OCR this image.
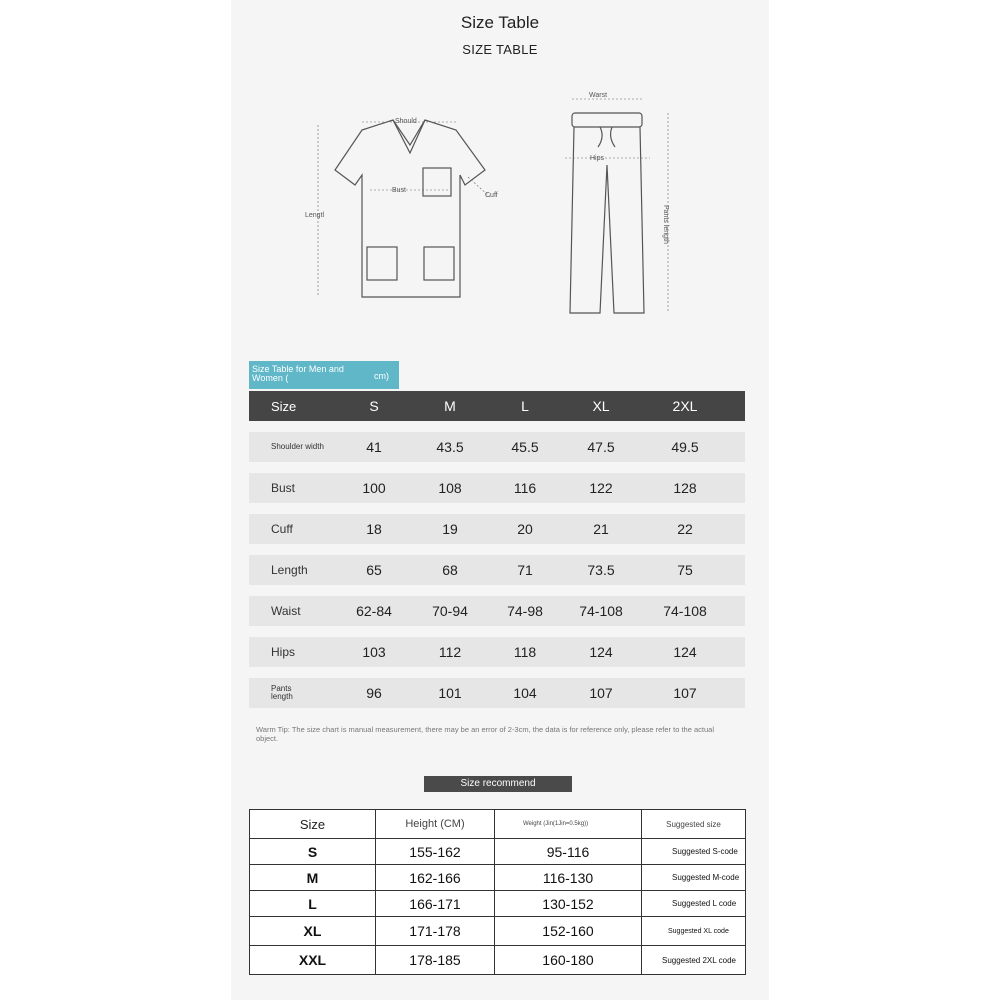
Size Table
SIZE TABLE
Should
Bust
Cuff
Lengtl
Warst
Hips
Pants length
Size Table for Men and Women (	cm)
Size	S	M	L	XL	2XL
Shoulder width	41	43.5	45.5	47.5	49.5
Bust	100	108	116	122	128
Cuff	18	19	20	21	22
Length	65	68	71	73.5	75
Waist	62-84	70-94	74-98	74-108	74-108
Hips	103	112	118	124	124
Pants length	96	101	104	107	107
Warm Tip: The size chart is manual measurement, there may be an error of 2-3cm, the data is for reference only, please refer to the actual object.
Size recommend
Size	Height (CM)	Weight (Jin(1Jin=0.5kg))	Suggested size
S	155-162	95-116	Suggested S-code
M	162-166	116-130	Suggested M-code
L	166-171	130-152	Suggested L code
XL	171-178	152-160	Suggested XL code
XXL	178-185	160-180	Suggested 2XL code
